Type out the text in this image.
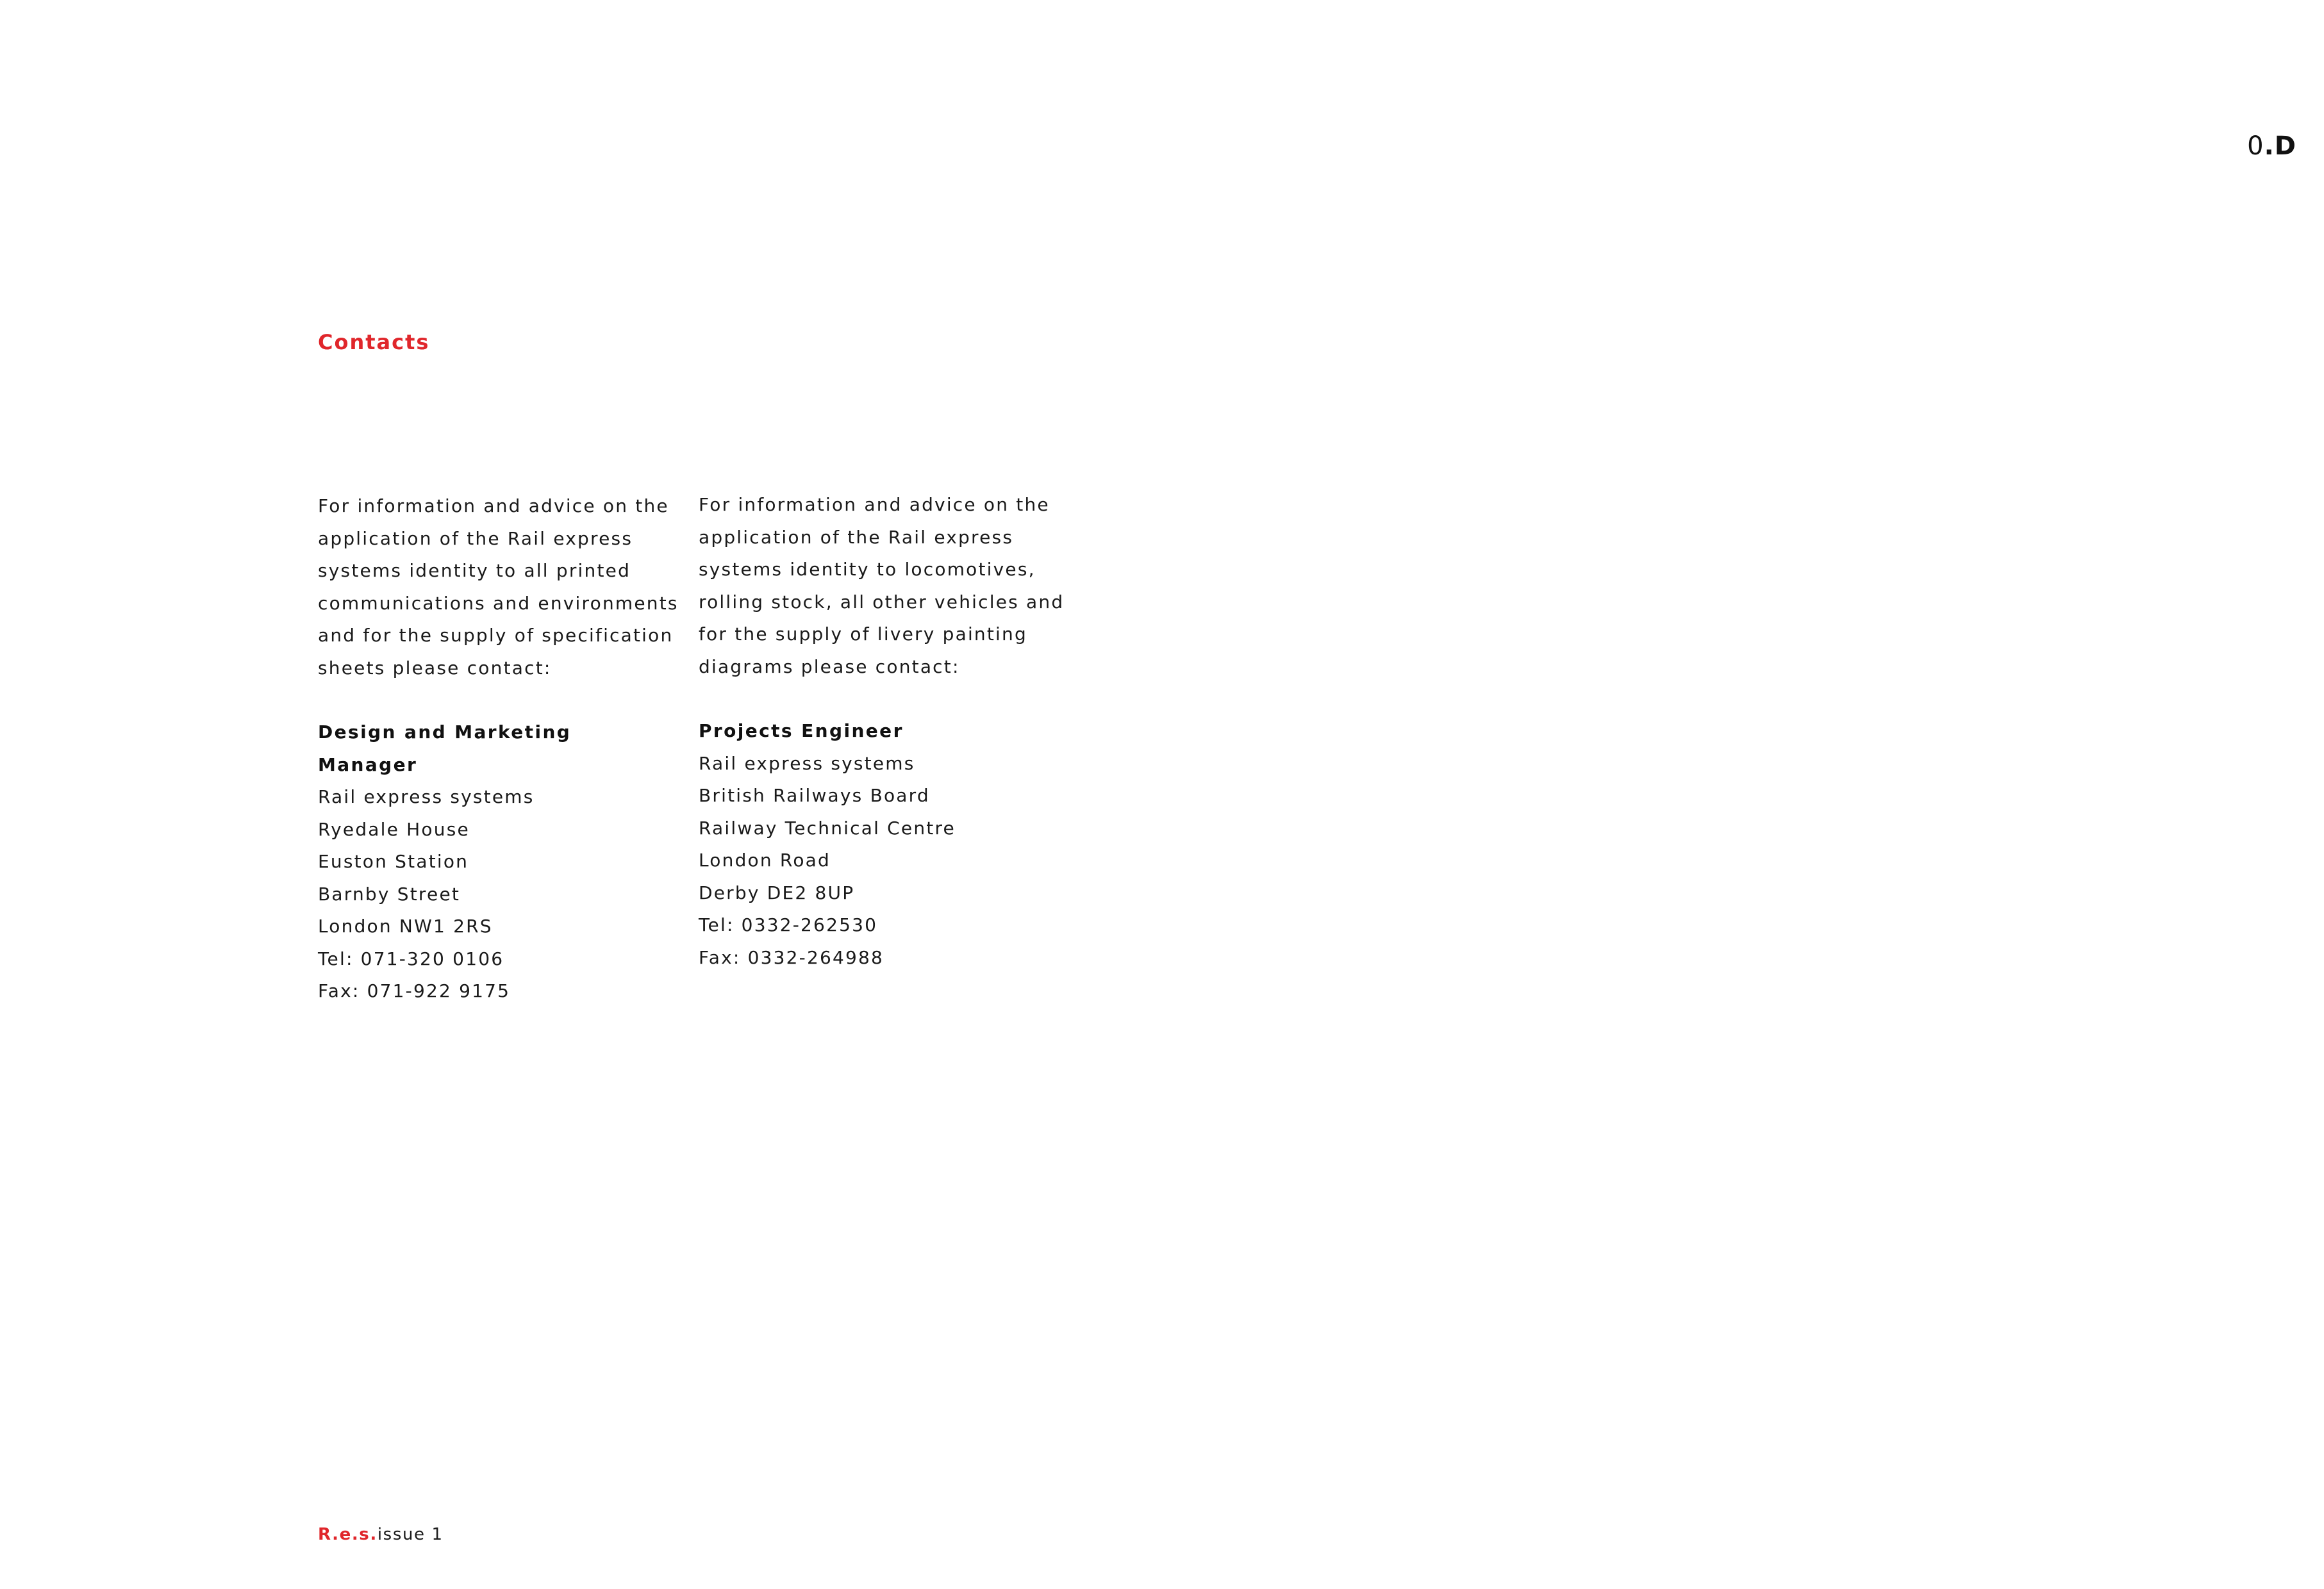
0.D
Contacts

For information and advice on the
application of the Rail express
systems identity to all printed
communications and environments
and for the supply of specification
sheets please contact:

Design and Marketing
Manager

Rail express systems
Ryedale House
Euston Station
Barnby Street
London NW1 2RS
Tel: 071-320 0106
Fax: 071-922 9175

For information and advice on the
application of the Rail express
systems identity to locomotives,
rolling stock, all other vehicles and
for the supply of livery painting
diagrams please contact:

Projects Engineer

Rail express systems
British Railways Board
Railway Technical Centre
London Road
Derby DE2 8UP
Tel: 0332-262530
Fax: 0332-264988

R.e.s.issue 1
